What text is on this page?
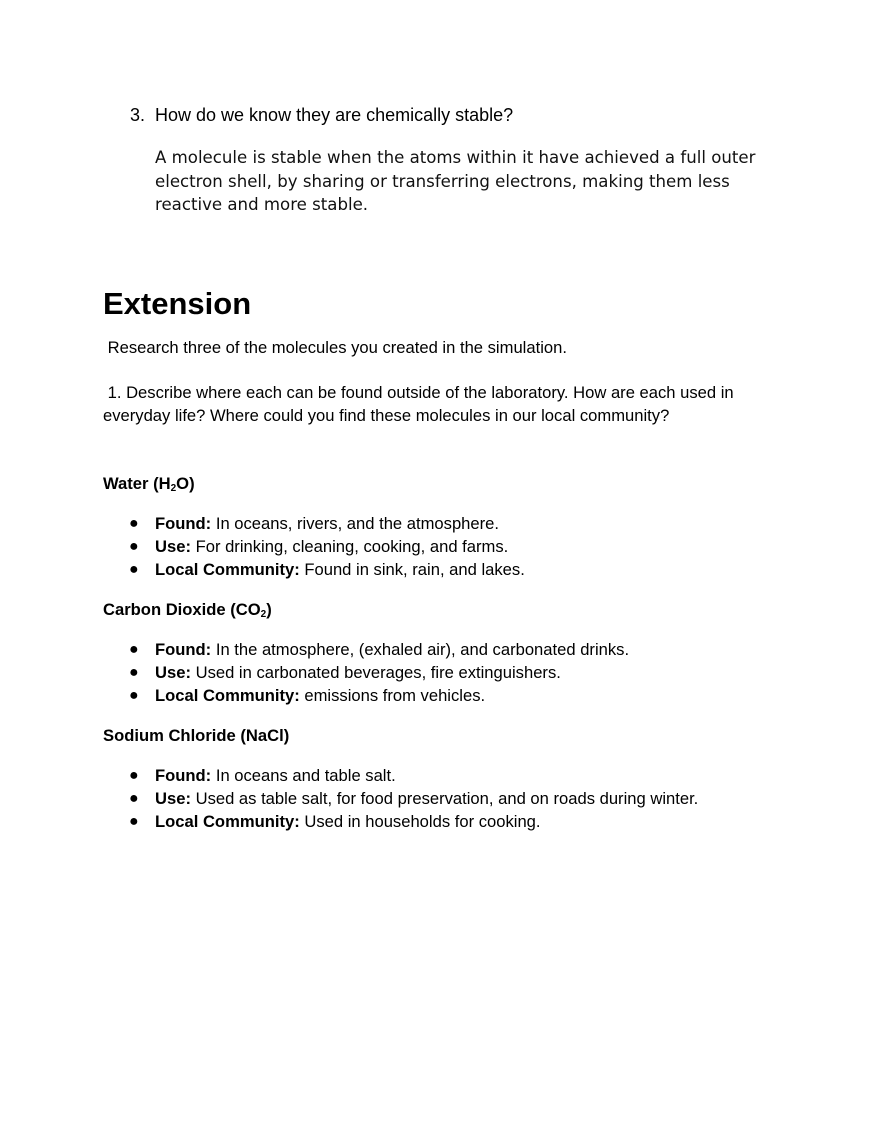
3. How do we know they are chemically stable?
A molecule is stable when the atoms within it have achieved a full outer electron shell, by sharing or transferring electrons, making them less reactive and more stable.
Extension
Research three of the molecules you created in the simulation.
1. Describe where each can be found outside of the laboratory. How are each used in everyday life? Where could you find these molecules in our local community?
Water $(H_2O)$
● Found: In oceans, rivers, and the atmosphere.
● Use: For drinking, cleaning, cooking, and farms.
● Local Community: Found in sink, rain, and lakes.
Carbon Dioxide $(CO_2)$
● Found: In the atmosphere, (exhaled air), and carbonated drinks.
● Use: Used in carbonated beverages, fire extinguishers.
● Local Community: emissions from vehicles.
Sodium Chloride (NaCl)
● Found: In oceans and table salt.
● Use: Used as table salt, for food preservation, and on roads during winter.
● Local Community: Used in households for cooking.
